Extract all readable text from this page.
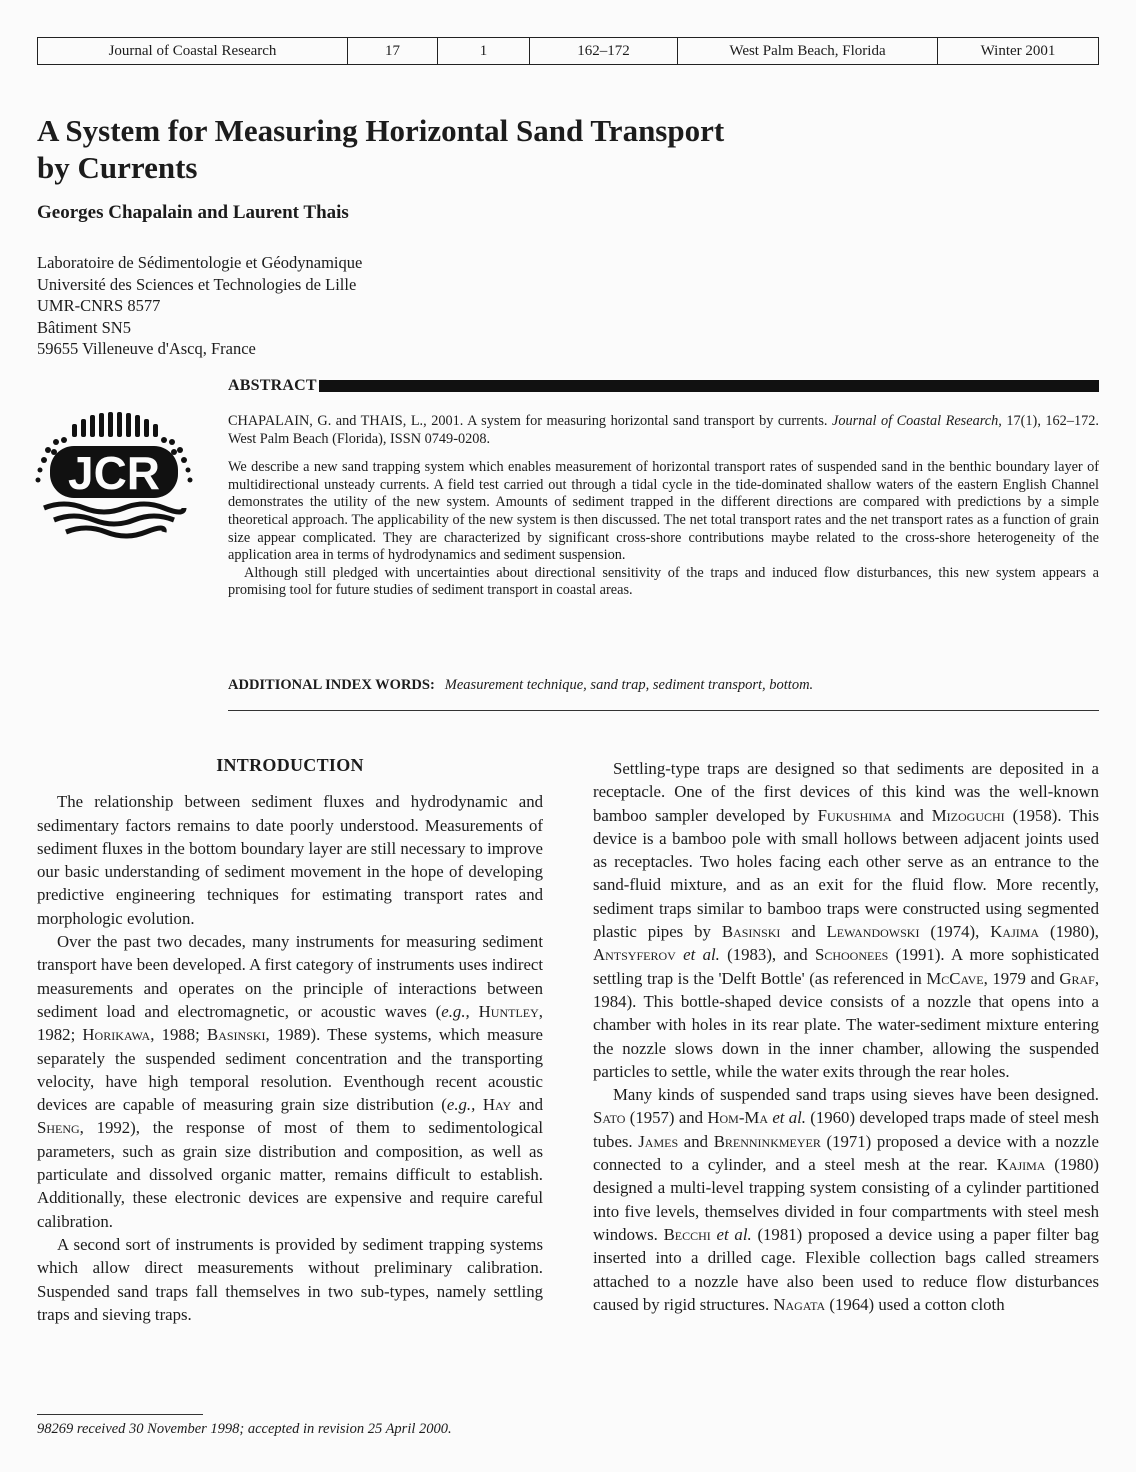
Journal of Coastal Research	17	1	162–172	West Palm Beach, Florida	Winter 2001
A System for Measuring Horizontal Sand Transport by Currents
Georges Chapalain and Laurent Thais
Laboratoire de Sédimentologie et Géodynamique
Université des Sciences et Technologies de Lille
UMR-CNRS 8577
Bâtiment SN5
59655 Villeneuve d'Ascq, France
ABSTRACT
JCR

CHAPALAIN, G. and THAIS, L., 2001. A system for measuring horizontal sand transport by currents. Journal of Coastal Research, 17(1), 162–172. West Palm Beach (Florida), ISSN 0749-0208.

We describe a new sand trapping system which enables measurement of horizontal transport rates of suspended sand in the benthic boundary layer of multidirectional unsteady currents. A field test carried out through a tidal cycle in the tide-dominated shallow waters of the eastern English Channel demonstrates the utility of the new system. Amounts of sediment trapped in the different directions are compared with predictions by a simple theoretical approach. The applicability of the new system is then discussed. The net total transport rates and the net transport rates as a function of grain size appear complicated. They are characterized by significant cross-shore contributions maybe related to the cross-shore heterogeneity of the application area in terms of hydrodynamics and sediment suspension.

Although still pledged with uncertainties about directional sensitivity of the traps and induced flow disturbances, this new system appears a promising tool for future studies of sediment transport in coastal areas.

ADDITIONAL INDEX WORDS: Measurement technique, sand trap, sediment transport, bottom.
INTRODUCTION

The relationship between sediment fluxes and hydrodynamic and sedimentary factors remains to date poorly understood. Measurements of sediment fluxes in the bottom boundary layer are still necessary to improve our basic understanding of sediment movement in the hope of developing predictive engineering techniques for estimating transport rates and morphologic evolution.

Over the past two decades, many instruments for measuring sediment transport have been developed. A first category of instruments uses indirect measurements and operates on the principle of interactions between sediment load and electromagnetic, or acoustic waves (e.g., Huntley, 1982; Horikawa, 1988; Basinski, 1989). These systems, which measure separately the suspended sediment concentration and the transporting velocity, have high temporal resolution. Eventhough recent acoustic devices are capable of measuring grain size distribution (e.g., Hay and Sheng, 1992), the response of most of them to sedimentological parameters, such as grain size distribution and composition, as well as particulate and dissolved organic matter, remains difficult to establish. Additionally, these electronic devices are expensive and require careful calibration.

A second sort of instruments is provided by sediment trapping systems which allow direct measurements without preliminary calibration. Suspended sand traps fall themselves in two sub-types, namely settling traps and sieving traps.

Settling-type traps are designed so that sediments are deposited in a receptacle. One of the first devices of this kind was the well-known bamboo sampler developed by Fukushima and Mizoguchi (1958). This device is a bamboo pole with small hollows between adjacent joints used as receptacles. Two holes facing each other serve as an entrance to the sand-fluid mixture, and as an exit for the fluid flow. More recently, sediment traps similar to bamboo traps were constructed using segmented plastic pipes by Basinski and Lewandowski (1974), Kajima (1980), Antsyferov et al. (1983), and Schoonees (1991). A more sophisticated settling trap is the 'Delft Bottle' (as referenced in McCave, 1979 and Graf, 1984). This bottle-shaped device consists of a nozzle that opens into a chamber with holes in its rear plate. The water-sediment mixture entering the nozzle slows down in the inner chamber, allowing the suspended particles to settle, while the water exits through the rear holes.

Many kinds of suspended sand traps using sieves have been designed. Sato (1957) and Hom-Ma et al. (1960) developed traps made of steel mesh tubes. James and Brenninkmeyer (1971) proposed a device with a nozzle connected to a cylinder, and a steel mesh at the rear. Kajima (1980) designed a multi-level trapping system consisting of a cylinder partitioned into five levels, themselves divided in four compartments with steel mesh windows. Becchi et al. (1981) proposed a device using a paper filter bag inserted into a drilled cage. Flexible collection bags called streamers attached to a nozzle have also been used to reduce flow disturbances caused by rigid structures. Nagata (1964) used a cotton cloth

98269 received 30 November 1998; accepted in revision 25 April 2000.
